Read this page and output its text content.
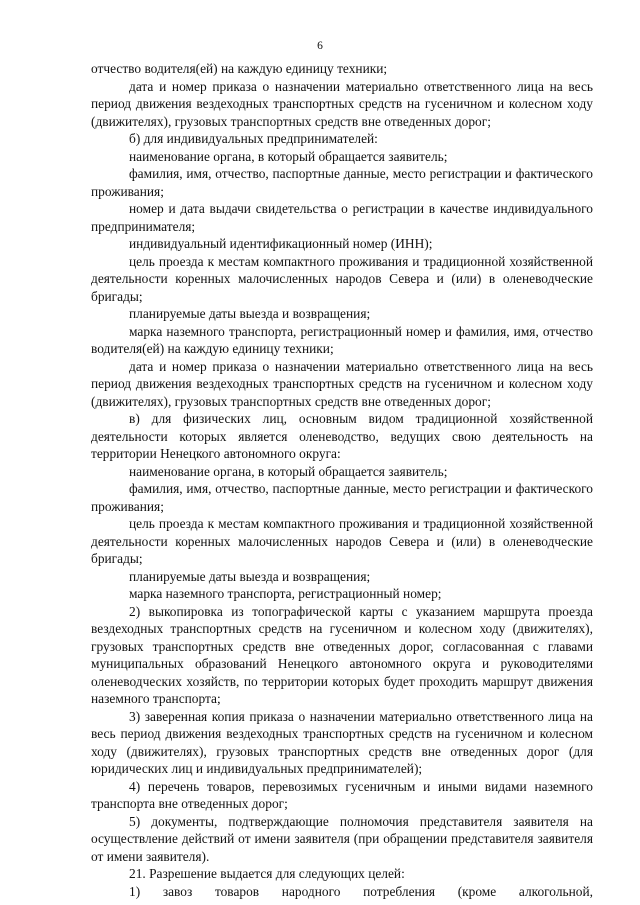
6

отчество водителя(ей) на каждую единицу техники;

дата и номер приказа о назначении материально ответственного лица на весь период движения вездеходных транспортных средств на гусеничном и колесном ходу (движителях), грузовых транспортных средств вне отведенных дорог;

б) для индивидуальных предпринимателей:

наименование органа, в который обращается заявитель;

фамилия, имя, отчество, паспортные данные, место регистрации и фактического проживания;

номер и дата выдачи свидетельства о регистрации в качестве индивидуального предпринимателя;

индивидуальный идентификационный номер (ИНН);

цель проезда к местам компактного проживания и традиционной хозяйственной деятельности коренных малочисленных народов Севера и (или) в оленеводческие бригады;

планируемые даты выезда и возвращения;

марка наземного транспорта, регистрационный номер и фамилия, имя, отчество водителя(ей) на каждую единицу техники;

дата и номер приказа о назначении материально ответственного лица на весь период движения вездеходных транспортных средств на гусеничном и колесном ходу (движителях), грузовых транспортных средств вне отведенных дорог;

в) для физических лиц, основным видом традиционной хозяйственной деятельности которых является оленеводство, ведущих свою деятельность на территории Ненецкого автономного округа:

наименование органа, в который обращается заявитель;

фамилия, имя, отчество, паспортные данные, место регистрации и фактического проживания;

цель проезда к местам компактного проживания и традиционной хозяйственной деятельности коренных малочисленных народов Севера и (или) в оленеводческие бригады;

планируемые даты выезда и возвращения;

марка наземного транспорта, регистрационный номер;

2) выкопировка из топографической карты с указанием маршрута проезда вездеходных транспортных средств на гусеничном и колесном ходу (движителях), грузовых транспортных средств вне отведенных дорог, согласованная с главами муниципальных образований Ненецкого автономного округа и руководителями оленеводческих хозяйств, по территории которых будет проходить маршрут движения наземного транспорта;

3) заверенная копия приказа о назначении материально ответственного лица на весь период движения вездеходных транспортных средств на гусеничном и колесном ходу (движителях), грузовых транспортных средств вне отведенных дорог (для юридических лиц и индивидуальных предпринимателей);

4) перечень товаров, перевозимых гусеничным и иными видами наземного транспорта вне отведенных дорог;

5) документы, подтверждающие полномочия представителя заявителя на осуществление действий от имени заявителя (при обращении представителя заявителя от имени заявителя).

21. Разрешение выдается для следующих целей:

1) завоз товаров народного потребления (кроме алкогольной,
